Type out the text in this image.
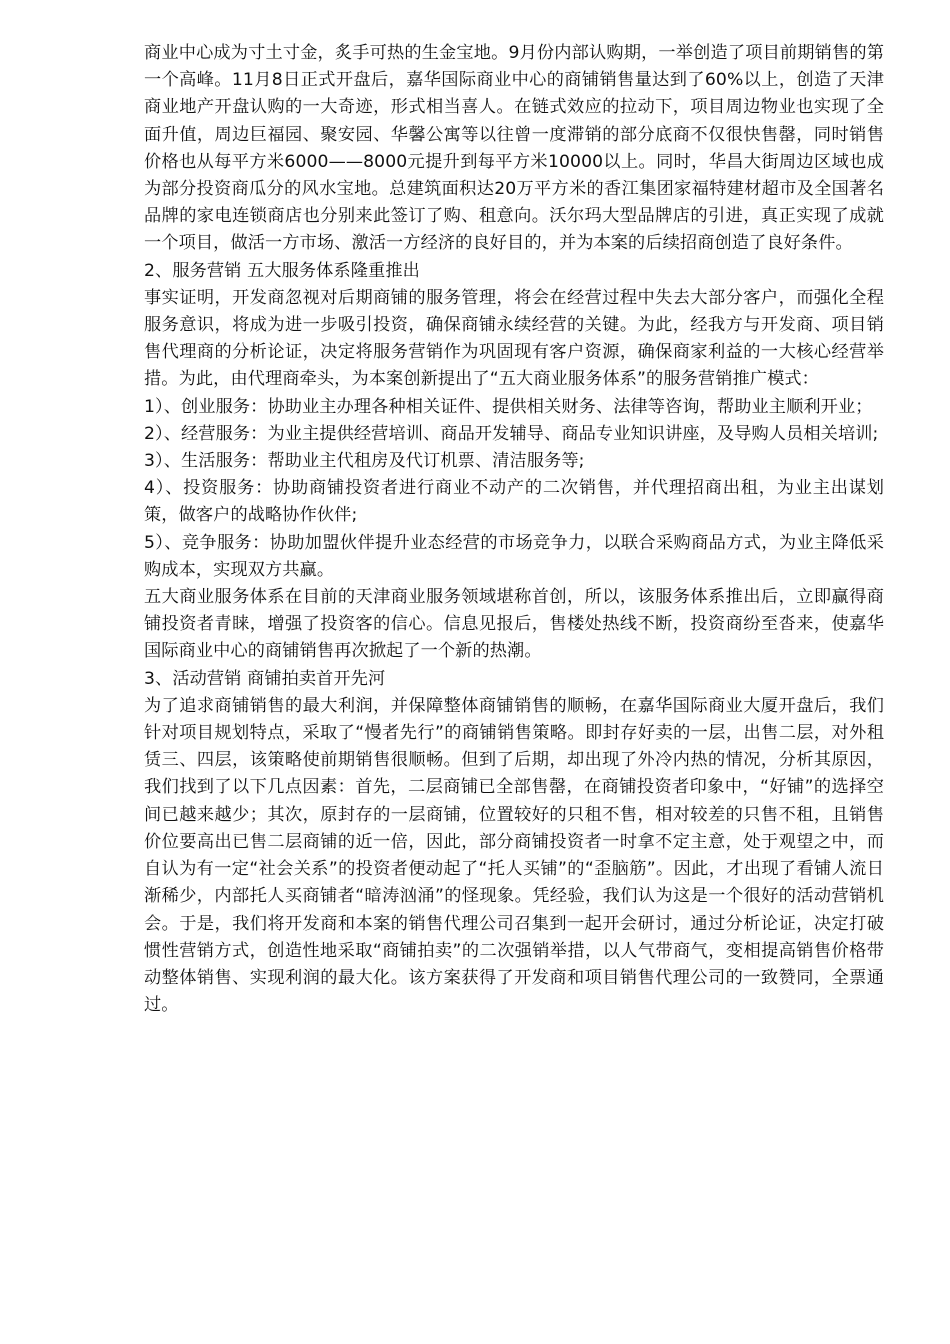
商业中心成为寸土寸金，炙手可热的生金宝地。9月份内部认购期，一举创造了项目前期销售的第一个高峰。11月8日正式开盘后，嘉华国际商业中心的商铺销售量达到了60%以上，创造了天津商业地产开盘认购的一大奇迹，形式相当喜人。在链式效应的拉动下，项目周边物业也实现了全面升值，周边巨福园、聚安园、华馨公寓等以往曾一度滞销的部分底商不仅很快售罄，同时销售价格也从每平方米6000——8000元提升到每平方米10000以上。同时，华昌大街周边区域也成为部分投资商瓜分的风水宝地。总建筑面积达20万平方米的香江集团家福特建材超市及全国著名品牌的家电连锁商店也分别来此签订了购、租意向。沃尔玛大型品牌店的引进，真正实现了成就一个项目，做活一方市场、激活一方经济的良好目的，并为本案的后续招商创造了良好条件。

2、服务营销 五大服务体系隆重推出

事实证明，开发商忽视对后期商铺的服务管理，将会在经营过程中失去大部分客户，而强化全程服务意识，将成为进一步吸引投资，确保商铺永续经营的关键。为此，经我方与开发商、项目销售代理商的分析论证，决定将服务营销作为巩固现有客户资源，确保商家利益的一大核心经营举措。为此，由代理商牵头，为本案创新提出了“五大商业服务体系”的服务营销推广模式：

1）、创业服务：协助业主办理各种相关证件、提供相关财务、法律等咨询，帮助业主顺利开业；

2）、经营服务：为业主提供经营培训、商品开发辅导、商品专业知识讲座，及导购人员相关培训;

3）、生活服务：帮助业主代租房及代订机票、清洁服务等;

4）、投资服务：协助商铺投资者进行商业不动产的二次销售，并代理招商出租，为业主出谋划策，做客户的战略协作伙伴;

5）、竞争服务：协助加盟伙伴提升业态经营的市场竞争力，以联合采购商品方式，为业主降低采购成本，实现双方共赢。

五大商业服务体系在目前的天津商业服务领域堪称首创，所以，该服务体系推出后，立即赢得商铺投资者青睐，增强了投资客的信心。信息见报后，售楼处热线不断，投资商纷至沓来，使嘉华国际商业中心的商铺销售再次掀起了一个新的热潮。

3、活动营销 商铺拍卖首开先河

为了追求商铺销售的最大利润，并保障整体商铺销售的顺畅，在嘉华国际商业大厦开盘后，我们针对项目规划特点，采取了“慢者先行”的商铺销售策略。即封存好卖的一层，出售二层，对外租赁三、四层，该策略使前期销售很顺畅。但到了后期，却出现了外冷内热的情况，分析其原因，我们找到了以下几点因素：首先，二层商铺已全部售罄，在商铺投资者印象中，“好铺”的选择空间已越来越少；其次，原封存的一层商铺，位置较好的只租不售，相对较差的只售不租，且销售价位要高出已售二层商铺的近一倍，因此，部分商铺投资者一时拿不定主意，处于观望之中，而自认为有一定“社会关系”的投资者便动起了“托人买铺”的“歪脑筋”。因此，才出现了看铺人流日渐稀少，内部托人买商铺者“暗涛汹涌”的怪现象。凭经验，我们认为这是一个很好的活动营销机会。于是，我们将开发商和本案的销售代理公司召集到一起开会研讨，通过分析论证，决定打破惯性营销方式，创造性地采取“商铺拍卖”的二次强销举措，以人气带商气，变相提高销售价格带动整体销售、实现利润的最大化。该方案获得了开发商和项目销售代理公司的一致赞同，全票通过。
